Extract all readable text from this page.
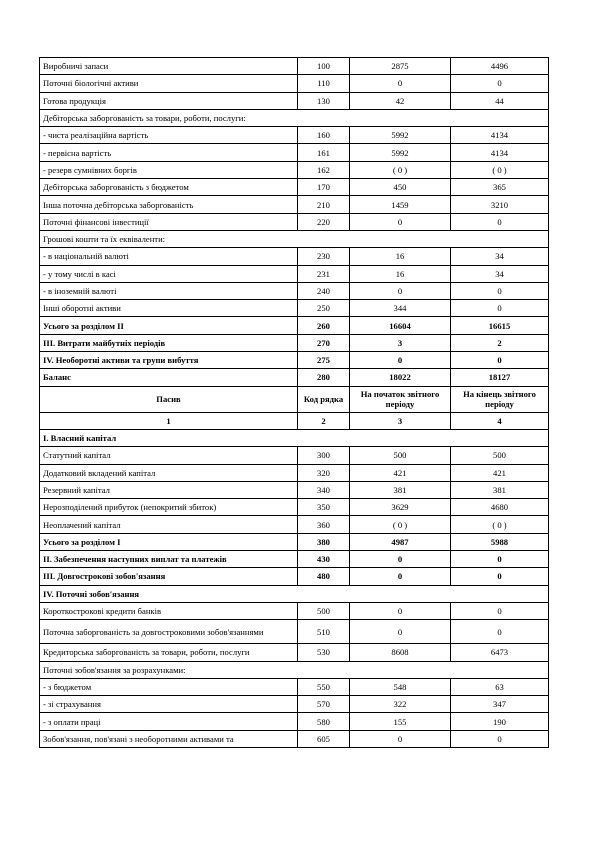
Виробничі запаси	100	2875	4496
Поточні біологічні активи	110	0	0
Готова продукція	130	42	44
Дебіторська заборгованість за товари, роботи, послуги:			
- чиста реалізаційна вартість	160	5992	4134
- первісна вартість	161	5992	4134
- резерв сумнівних боргів	162	( 0 )	( 0 )
Дебіторська заборгованість з бюджетом	170	450	365
Інша поточна дебіторська заборгованість	210	1459	3210
Поточні фінансові інвестиції	220	0	0
Грошові кошти та їх еквіваленти:			
- в національній валюті	230	16	34
- у тому числі в касі	231	16	34
- в іноземній валюті	240	0	0
Інші оборотні активи	250	344	0
Усього за розділом II	260	16604	16615
III. Витрати майбутніх періодів	270	3	2
IV. Необоротні активи та групи вибуття	275	0	0
Баланс	280	18022	18127
Пасив	Код рядка	На початок звітного періоду	На кінець звітного періоду
1	2	3	4
I. Власний капітал			
Статутний капітал	300	500	500
Додатковий вкладений капітал	320	421	421
Резервний капітал	340	381	381
Нерозподілений прибуток (непокритий збиток)	350	3629	4680
Неоплачений капітал	360	( 0 )	( 0 )
Усього за розділом I	380	4987	5988
II. Забезпечення наступних виплат та платежів	430	0	0
III. Довгострокові зобов'язання	480	0	0
IV. Поточні зобов'язання			
Короткострокові кредити банків	500	0	0
Поточна заборгованість за довгостроковими зобов'язаннями	510	0	0
Кредиторська заборгованість за товари, роботи, послуги	530	8608	6473
Поточні зобов'язання за розрахунками:			
- з бюджетом	550	548	63
- зі страхування	570	322	347
- з оплати праці	580	155	190
Зобов'язання, пов'язані з необоротними активами та	605	0	0
